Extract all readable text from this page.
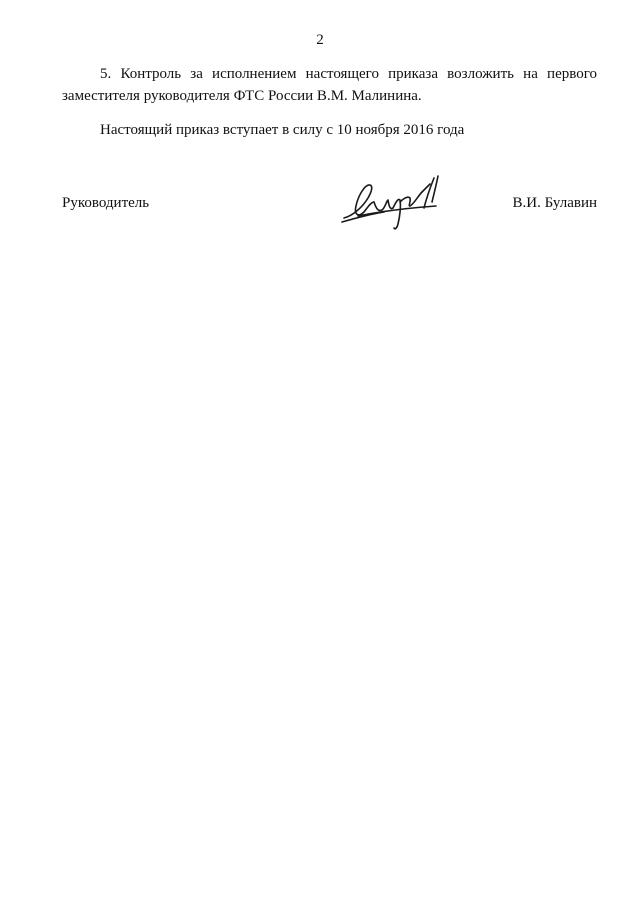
2
5. Контроль за исполнением настоящего приказа возложить на первого
заместителя руководителя ФТС России В.М. Малинина.
Настоящий приказ вступает в силу с 10 ноября 2016 года
Руководитель	В.И. Булавин
